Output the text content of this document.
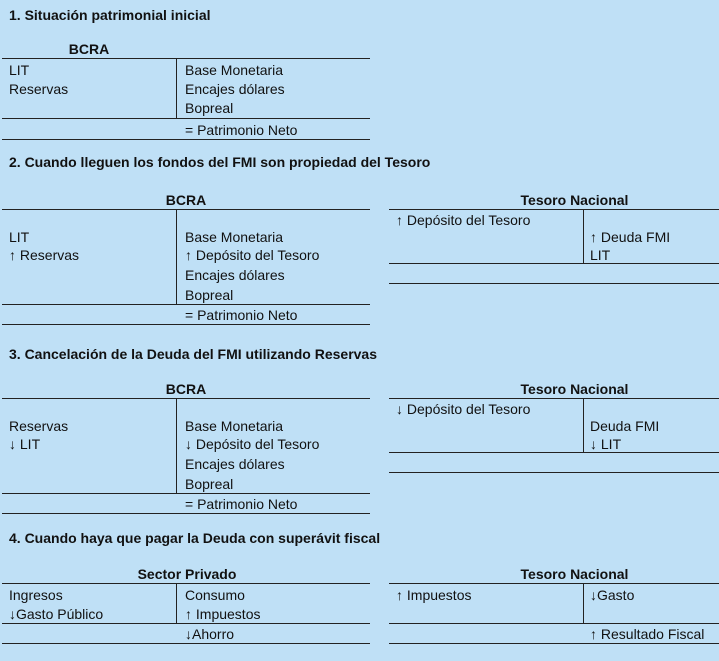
1. Situación patrimonial inicial
BCRA
LIT
Reservas
Base Monetaria
Encajes dólares
Bopreal
= Patrimonio Neto
2. Cuando lleguen los fondos del FMI son propiedad del Tesoro
BCRA
LIT
↑ Reservas
Base Monetaria
↑ Depósito del Tesoro
Encajes dólares
Bopreal
= Patrimonio Neto
Tesoro Nacional
↑ Depósito del Tesoro
↑ Deuda FMI
LIT
3. Cancelación de la Deuda del FMI utilizando Reservas
BCRA
Reservas
↓ LIT
Base Monetaria
↓ Depósito del Tesoro
Encajes dólares
Bopreal
= Patrimonio Neto
Tesoro Nacional
↓ Depósito del Tesoro
Deuda FMI
↓ LIT
4. Cuando haya que pagar la Deuda con superávit fiscal
Sector Privado
Ingresos
↓Gasto Público
Consumo
↑ Impuestos
↓Ahorro
Tesoro Nacional
↑ Impuestos	↓Gasto
↑ Resultado Fiscal
